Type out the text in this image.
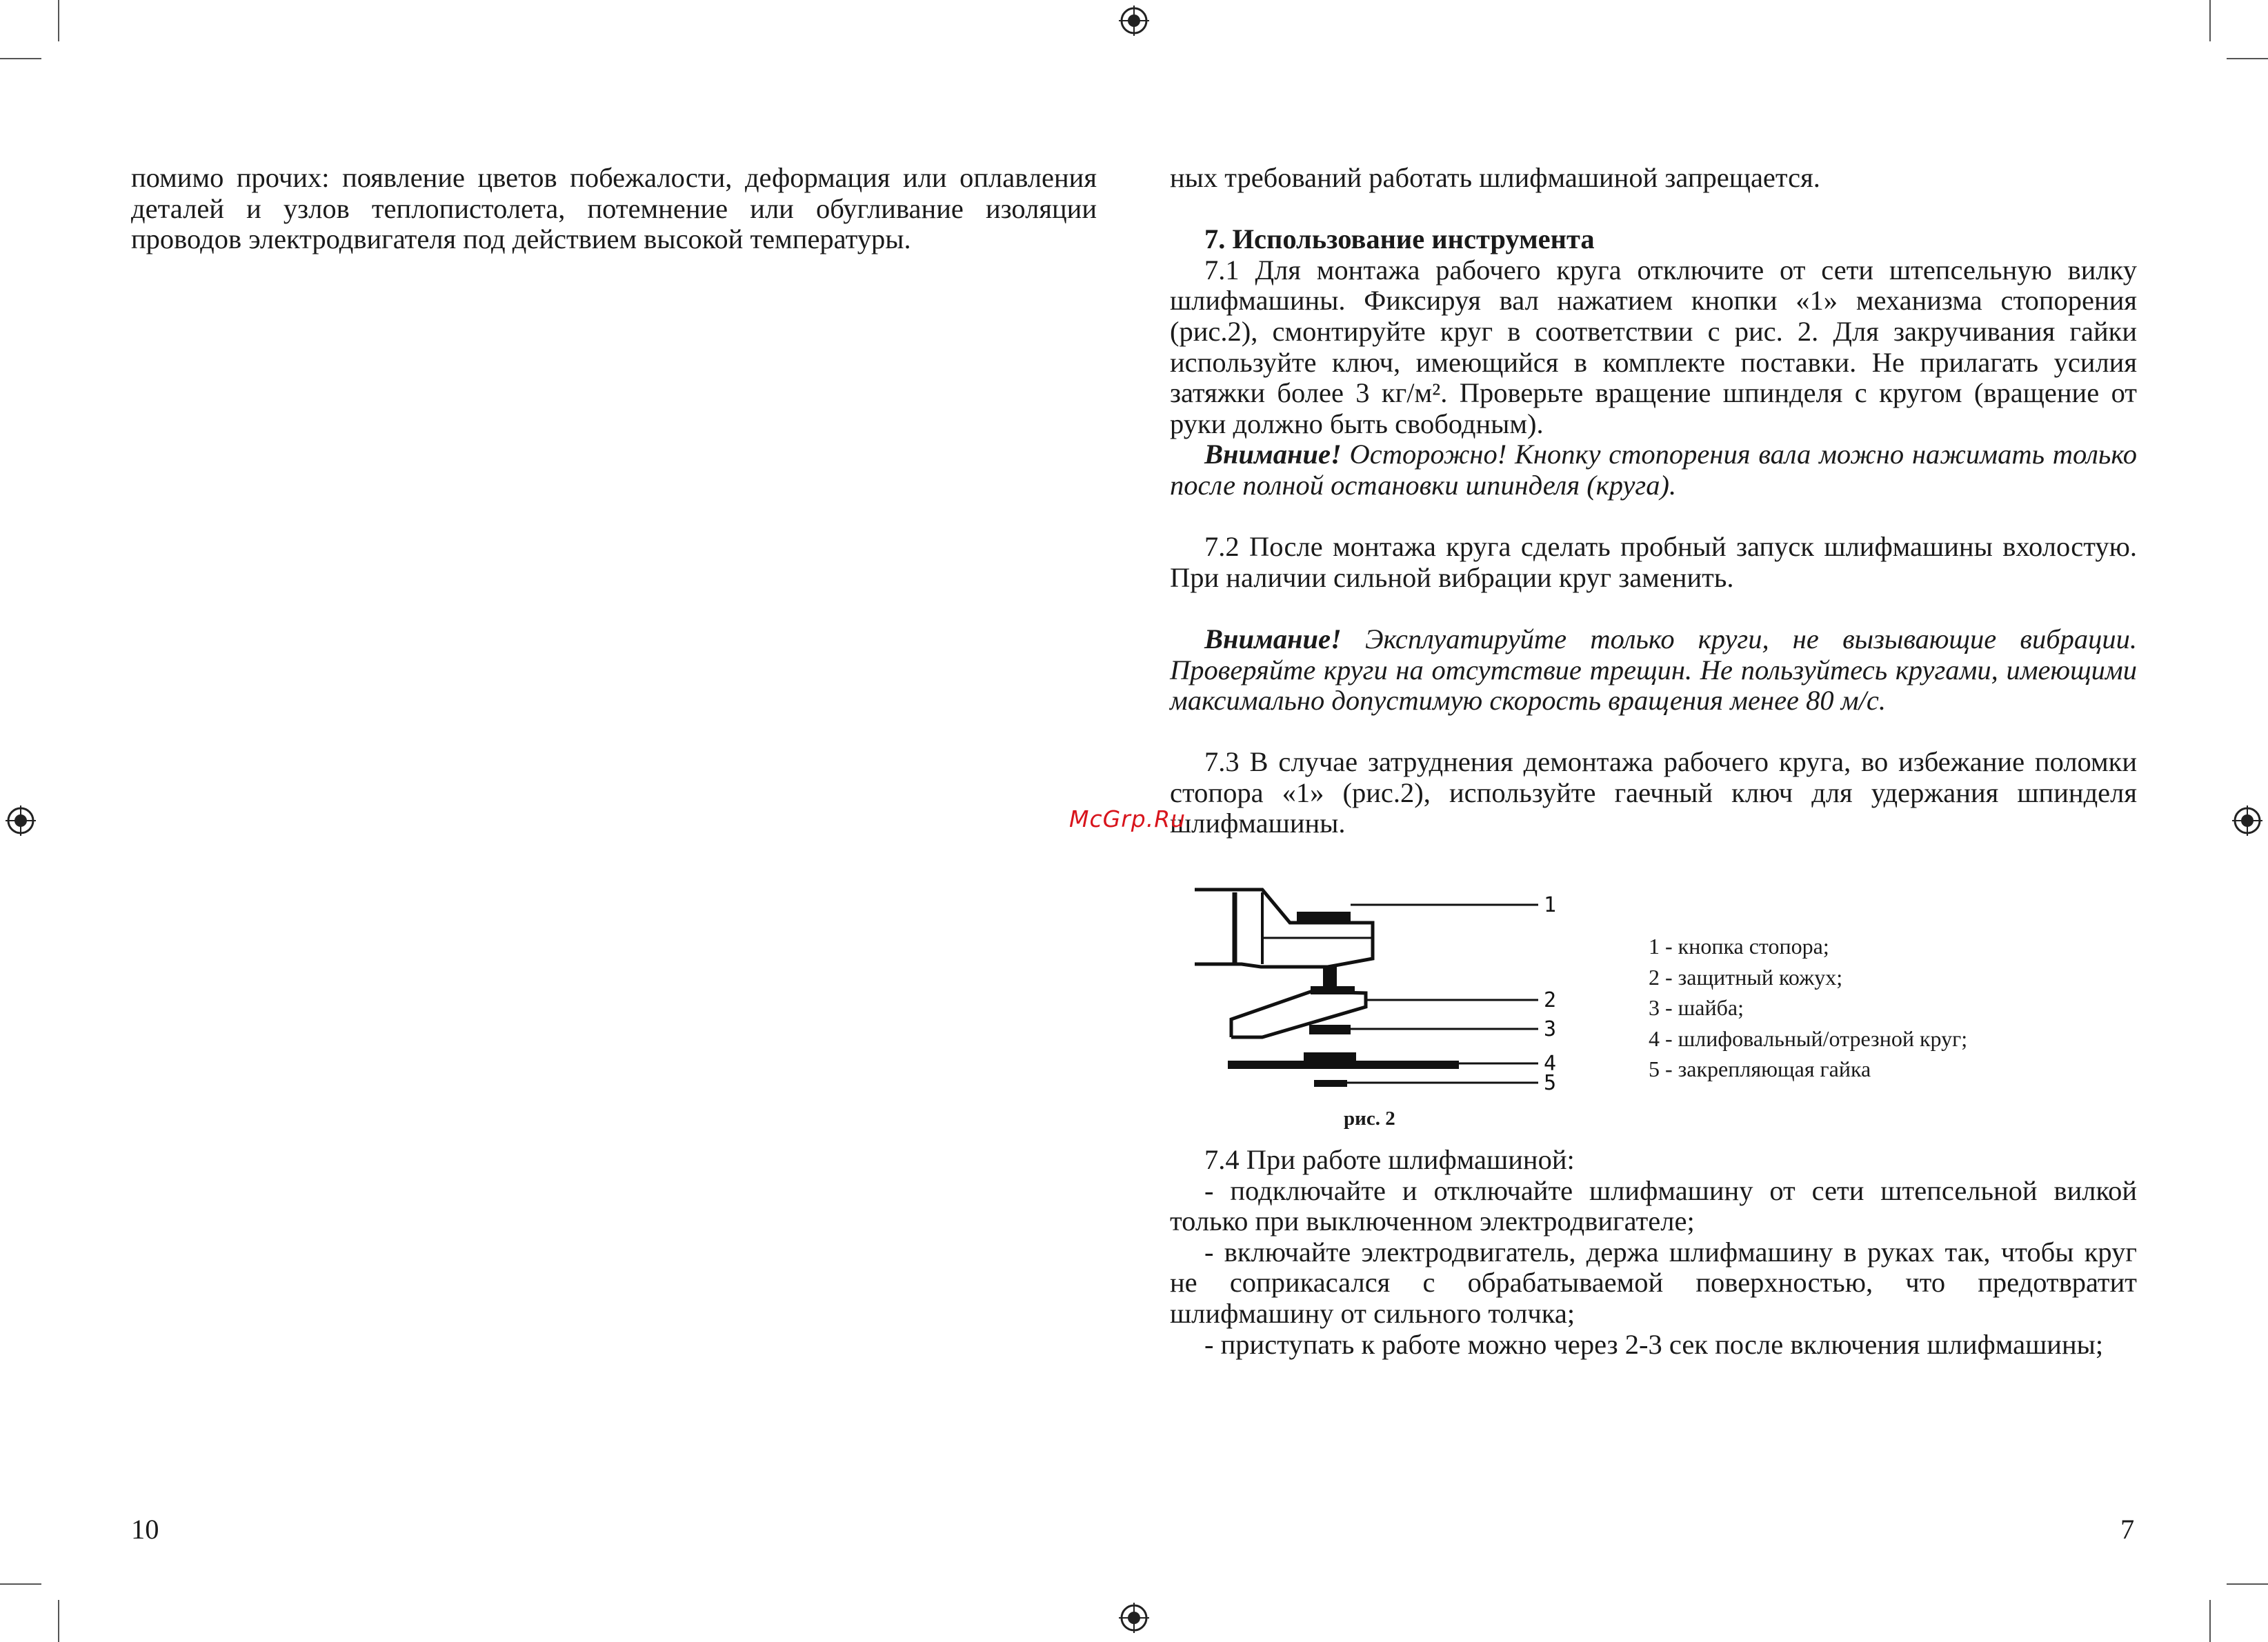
помимо прочих: появление цветов побежалости, деформация или оплавления деталей и узлов теплопистолета, потемнение или обугливание изоляции проводов электродвигателя под действием высокой температуры.

10

ных требований работать шлифмашиной запрещается.

7. Использование инструмента

7.1 Для монтажа рабочего круга отключите от сети штепсельную вилку шлифмашины. Фиксируя вал нажатием кнопки «1» механизма стопорения (рис.2), смонтируйте круг в соответствии с рис. 2. Для закручивания гайки используйте ключ, имеющийся в комплекте поставки. Не прилагать усилия затяжки более 3 кг/м². Проверьте вращение шпинделя с кругом (вращение от руки должно быть свободным).

Внимание! Осторожно! Кнопку стопорения вала можно нажимать только после полной остановки шпинделя (круга).

7.2 После монтажа круга сделать пробный запуск шлифмашины вхолостую. При наличии сильной вибрации круг заменить.

Внимание! Эксплуатируйте только круги, не вызывающие вибрации. Проверяйте круги на отсутствие трещин. Не пользуйтесь кругами, имеющими максимально допустимую скорость вращения менее 80 м/с.

7.3 В случае затруднения демонтажа рабочего круга, во избежание поломки стопора «1» (рис.2), используйте гаечный ключ для удержания шпинделя шлифмашины.

1
2
3
4
5
рис. 2
1 - кнопка стопора;
2 - защитный кожух;
3 - шайба;
4 - шлифовальный/отрезной круг;
5 - закрепляющая гайка

7.4 При работе шлифмашиной:

- подключайте и отключайте шлифмашину от сети штепсельной вилкой только при выключенном электродвигателе;

- включайте электродвигатель, держа шлифмашину в руках так, чтобы круг не соприкасался с обрабатываемой поверхностью, что предотвратит шлифмашину от сильного толчка;

- приступать к работе можно через 2-3 сек после включения шлифмашины;

7
McGrp.Ru
